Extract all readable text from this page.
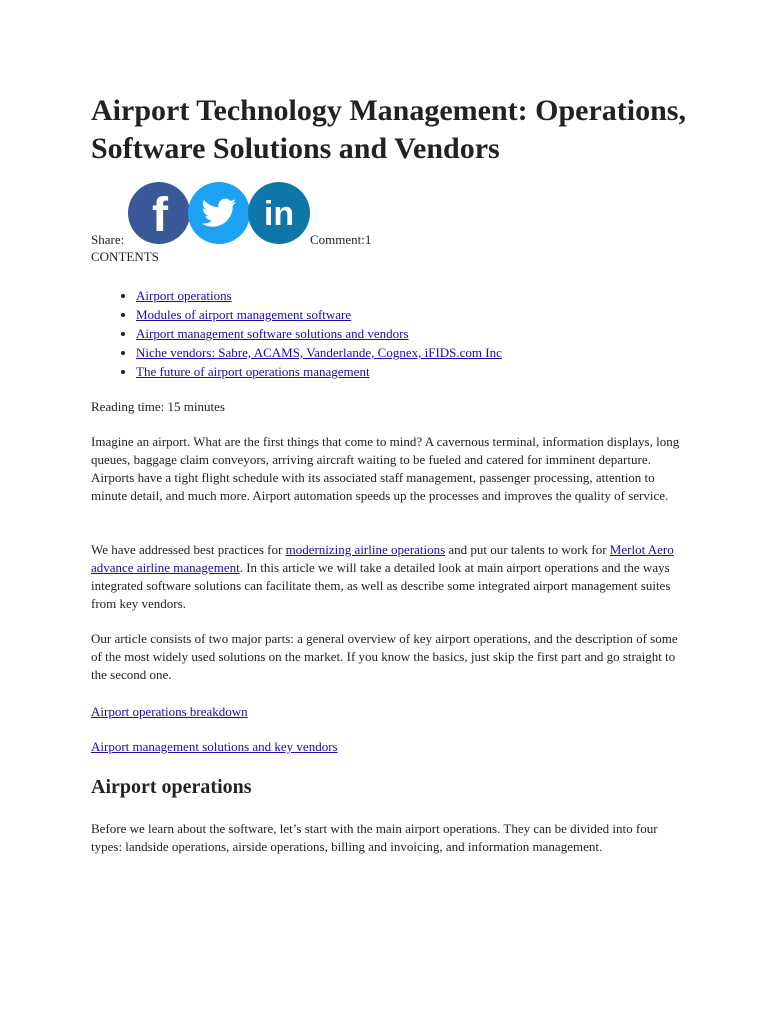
Airport Technology Management: Operations, Software Solutions and Vendors
Share: f	in
Comment:1
CONTENTS
• Airport operations
• Modules of airport management software
• Airport management software solutions and vendors
• Niche vendors: Sabre, ACAMS, Vanderlande, Cognex, iFIDS.com Inc
• The future of airport operations management
Reading time: 15 minutes

Imagine an airport. What are the first things that come to mind? A cavernous terminal, information displays, long queues, baggage claim conveyors, arriving aircraft waiting to be fueled and catered for imminent departure. Airports have a tight flight schedule with its associated staff management, passenger processing, attention to minute detail, and much more. Airport automation speeds up the processes and improves the quality of service.

We have addressed best practices for modernizing airline operations and put our talents to work for Merlot Aero advance airline management. In this article we will take a detailed look at main airport operations and the ways integrated software solutions can facilitate them, as well as describe some integrated airport management suites from key vendors.

Our article consists of two major parts: a general overview of key airport operations, and the description of some of the most widely used solutions on the market. If you know the basics, just skip the first part and go straight to the second one.

Airport operations breakdown
Airport management solutions and key vendors
Airport operations

Before we learn about the software, let’s start with the main airport operations. They can be divided into four types: landside operations, airside operations, billing and invoicing, and information management.
